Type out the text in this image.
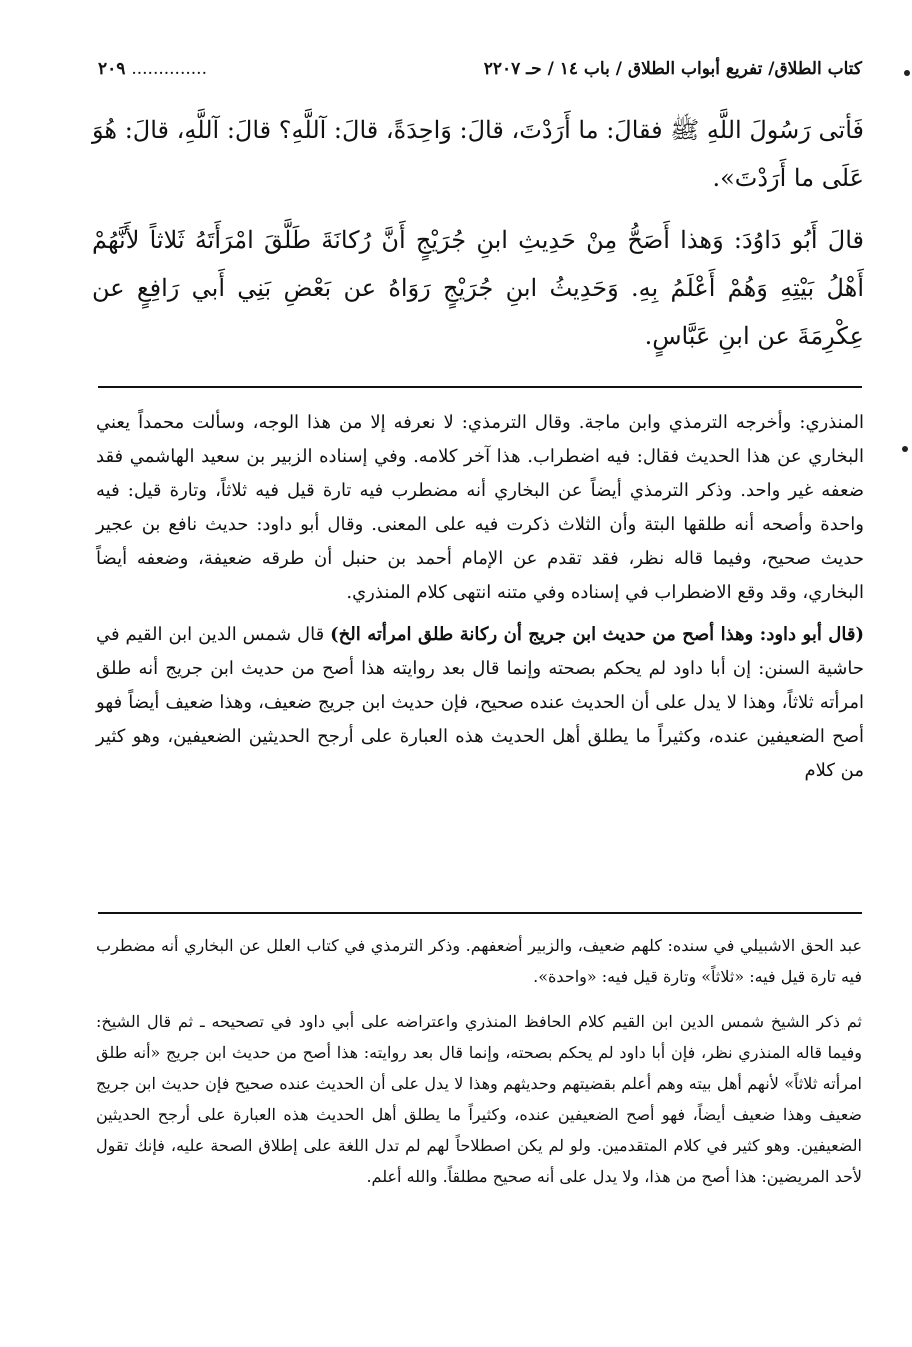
كتاب الطلاق/ تفريع أبواب الطلاق / باب ١٤ / حـ ٢٢٠٧
٢٠٩ ..............

فَأتى رَسُولَ اللَّهِ ﷺ فقالَ: ما أَرَدْتَ، قالَ: وَاحِدَةً، قالَ: آللَّهِ؟ قالَ: آللَّهِ، قالَ: هُوَ عَلَى ما أَرَدْتَ».

قالَ أَبُو دَاوُدَ: وَهذا أَصَحُّ مِنْ حَدِيثِ ابنِ جُرَيْجٍ أَنَّ رُكانَةَ طَلَّقَ امْرَأَتَهُ ثَلاثاً لأَنَّهُمْ أَهْلُ بَيْتِهِ وَهُمْ أَعْلَمُ بِهِ. وَحَدِيثُ ابنِ جُرَيْجٍ رَوَاهُ عن بَعْضِ بَنِي أَبي رَافِعٍ عن عِكْرِمَةَ عن ابنِ عَبَّاسٍ.

المنذري: وأخرجه الترمذي وابن ماجة. وقال الترمذي: لا نعرفه إلا من هذا الوجه، وسألت محمداً يعني البخاري عن هذا الحديث فقال: فيه اضطراب. هذا آخر كلامه. وفي إسناده الزبير بن سعيد الهاشمي فقد ضعفه غير واحد. وذكر الترمذي أيضاً عن البخاري أنه مضطرب فيه تارة قيل فيه ثلاثاً، وتارة قيل: فيه واحدة وأصحه أنه طلقها البتة وأن الثلاث ذكرت فيه على المعنى. وقال أبو داود: حديث نافع بن عجير حديث صحيح، وفيما قاله نظر، فقد تقدم عن الإمام أحمد بن حنبل أن طرقه ضعيفة، وضعفه أيضاً البخاري، وقد وقع الاضطراب في إسناده وفي متنه انتهى كلام المنذري.

(قال أبو داود: وهذا أصح من حديث ابن جريج أن ركانة طلق امرأته الخ) قال شمس الدين ابن القيم في حاشية السنن: إن أبا داود لم يحكم بصحته وإنما قال بعد روايته هذا أصح من حديث ابن جريج أنه طلق امرأته ثلاثاً، وهذا لا يدل على أن الحديث عنده صحيح، فإن حديث ابن جريج ضعيف، وهذا ضعيف أيضاً فهو أصح الضعيفين عنده، وكثيراً ما يطلق أهل الحديث هذه العبارة على أرجح الحديثين الضعيفين، وهو كثير من كلام

عبد الحق الاشبيلي في سنده: كلهم ضعيف، والزبير أضعفهم. وذكر الترمذي في كتاب العلل عن البخاري أنه مضطرب فيه تارة قيل فيه: «ثلاثاً» وتارة قيل فيه: «واحدة».

ثم ذكر الشيخ شمس الدين ابن القيم كلام الحافظ المنذري واعتراضه على أبي داود في تصحيحه ـ ثم قال الشيخ: وفيما قاله المنذري نظر، فإن أبا داود لم يحكم بصحته، وإنما قال بعد روايته: هذا أصح من حديث ابن جريج «أنه طلق امرأته ثلاثاً» لأنهم أهل بيته وهم أعلم بقضيتهم وحديثهم وهذا لا يدل على أن الحديث عنده صحيح فإن حديث ابن جريج ضعيف وهذا ضعيف أيضاً، فهو أصح الضعيفين عنده، وكثيراً ما يطلق أهل الحديث هذه العبارة على أرجح الحديثين الضعيفين. وهو كثير في كلام المتقدمين. ولو لم يكن اصطلاحاً لهم لم تدل اللغة على إطلاق الصحة عليه، فإنك تقول لأحد المريضين: هذا أصح من هذا، ولا يدل على أنه صحيح مطلقاً. والله أعلم.
